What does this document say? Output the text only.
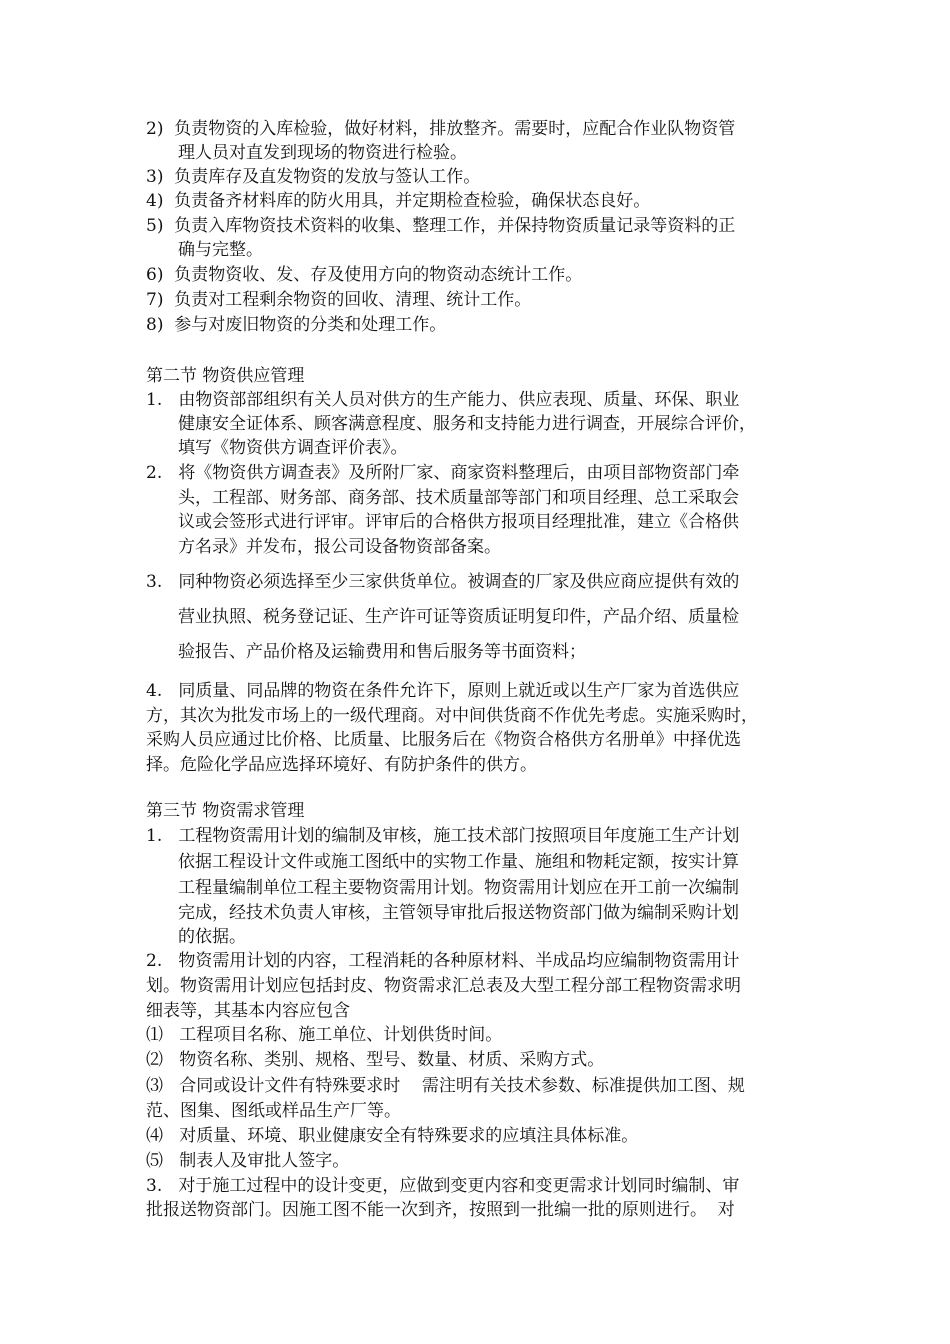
2)  负责物资的入库检验，做好材料，排放整齐。需要时，应配合作业队物资管
理人员对直发到现场的物资进行检验。
3)  负责库存及直发物资的发放与签认工作。
4)  负责备齐材料库的防火用具，并定期检查检验，确保状态良好。
5)  负责入库物资技术资料的收集、整理工作，并保持物资质量记录等资料的正
确与完整。
6)  负责物资收、发、存及使用方向的物资动态统计工作。
7)  负责对工程剩余物资的回收、清理、统计工作。
8)  参与对废旧物资的分类和处理工作。
第二节 物资供应管理
1.   由物资部部组织有关人员对供方的生产能力、供应表现、质量、环保、职业
健康安全证体系、顾客满意程度、服务和支持能力进行调查，开展综合评价，
填写《物资供方调查评价表》。
2.   将《物资供方调查表》及所附厂家、商家资料整理后，由项目部物资部门牵
头，工程部、财务部、商务部、技术质量部等部门和项目经理、总工采取会
议或会签形式进行评审。评审后的合格供方报项目经理批准，建立《合格供
方名录》并发布，报公司设备物资部备案。
3.   同种物资必须选择至少三家供货单位。被调查的厂家及供应商应提供有效的
营业执照、税务登记证、生产许可证等资质证明复印件，产品介绍、质量检
验报告、产品价格及运输费用和售后服务等书面资料；
4.   同质量、同品牌的物资在条件允许下，原则上就近或以生产厂家为首选供应
方，其次为批发市场上的一级代理商。对中间供货商不作优先考虑。实施采购时，
采购人员应通过比价格、比质量、比服务后在《物资合格供方名册单》中择优选
择。危险化学品应选择环境好、有防护条件的供方。
第三节 物资需求管理
1.   工程物资需用计划的编制及审核，施工技术部门按照项目年度施工生产计划
依据工程设计文件或施工图纸中的实物工作量、施组和物耗定额，按实计算
工程量编制单位工程主要物资需用计划。物资需用计划应在开工前一次编制
完成，经技术负责人审核，主管领导审批后报送物资部门做为编制采购计划
的依据。
2.   物资需用计划的内容，工程消耗的各种原材料、半成品均应编制物资需用计
划。物资需用计划应包括封皮、物资需求汇总表及大型工程分部工程物资需求明
细表等，其基本内容应包含
⑴   工程项目名称、施工单位、计划供货时间。
⑵   物资名称、类别、规格、型号、数量、材质、采购方式。
⑶   合同或设计文件有特殊要求时    需注明有关技术参数、标准提供加工图、规
范、图集、图纸或样品生产厂等。
⑷   对质量、环境、职业健康安全有特殊要求的应填注具体标准。
⑸   制表人及审批人签字。
3.   对于施工过程中的设计变更，应做到变更内容和变更需求计划同时编制、审
批报送物资部门。因施工图不能一次到齐，按照到一批编一批的原则进行。  对
